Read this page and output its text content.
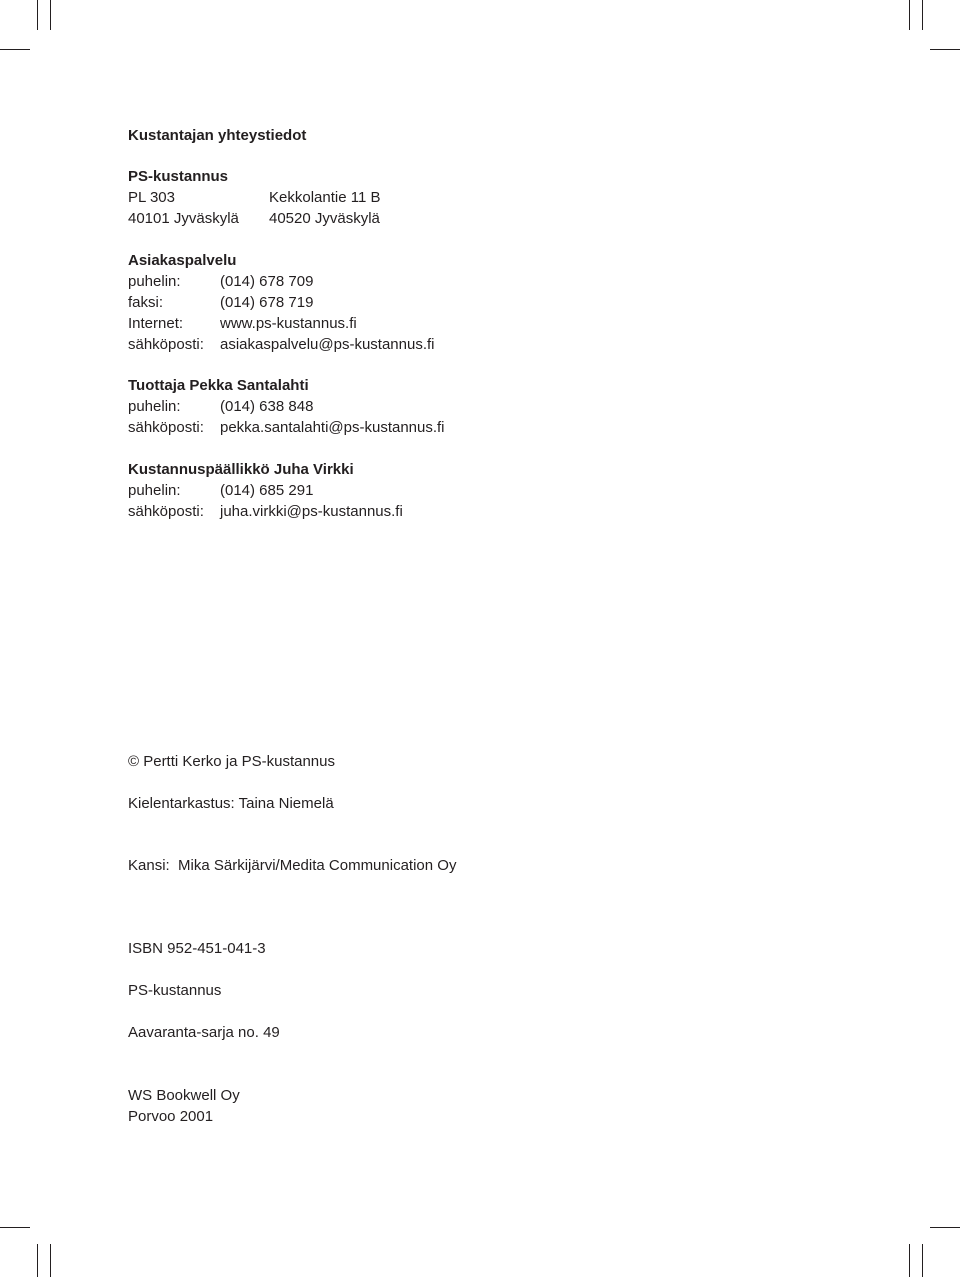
Kustantajan yhteystiedot
PS-kustannus
PL 303	Kekkolantie 11 B
40101 Jyväskylä 40520 Jyväskylä
Asiakaspalvelu
puhelin:	(014) 678 709
faksi:	(014) 678 719
Internet: www.ps-kustannus.fi
sähköposti: asiakaspalvelu@ps-kustannus.fi
Tuottaja Pekka Santalahti
puhelin:	(014) 638 848
sähköposti: pekka.santalahti@ps-kustannus.fi
Kustannuspäällikkö Juha Virkki
puhelin:	(014) 685 291
sähköposti: juha.virkki@ps-kustannus.fi
© Pertti Kerko ja PS-kustannus
Kielentarkastus: Taina Niemelä
Kansi:  Mika Särkijärvi/Medita Communication Oy
ISBN 952-451-041-3
PS-kustannus
Aavaranta-sarja no. 49
WS Bookwell Oy
Porvoo 2001
